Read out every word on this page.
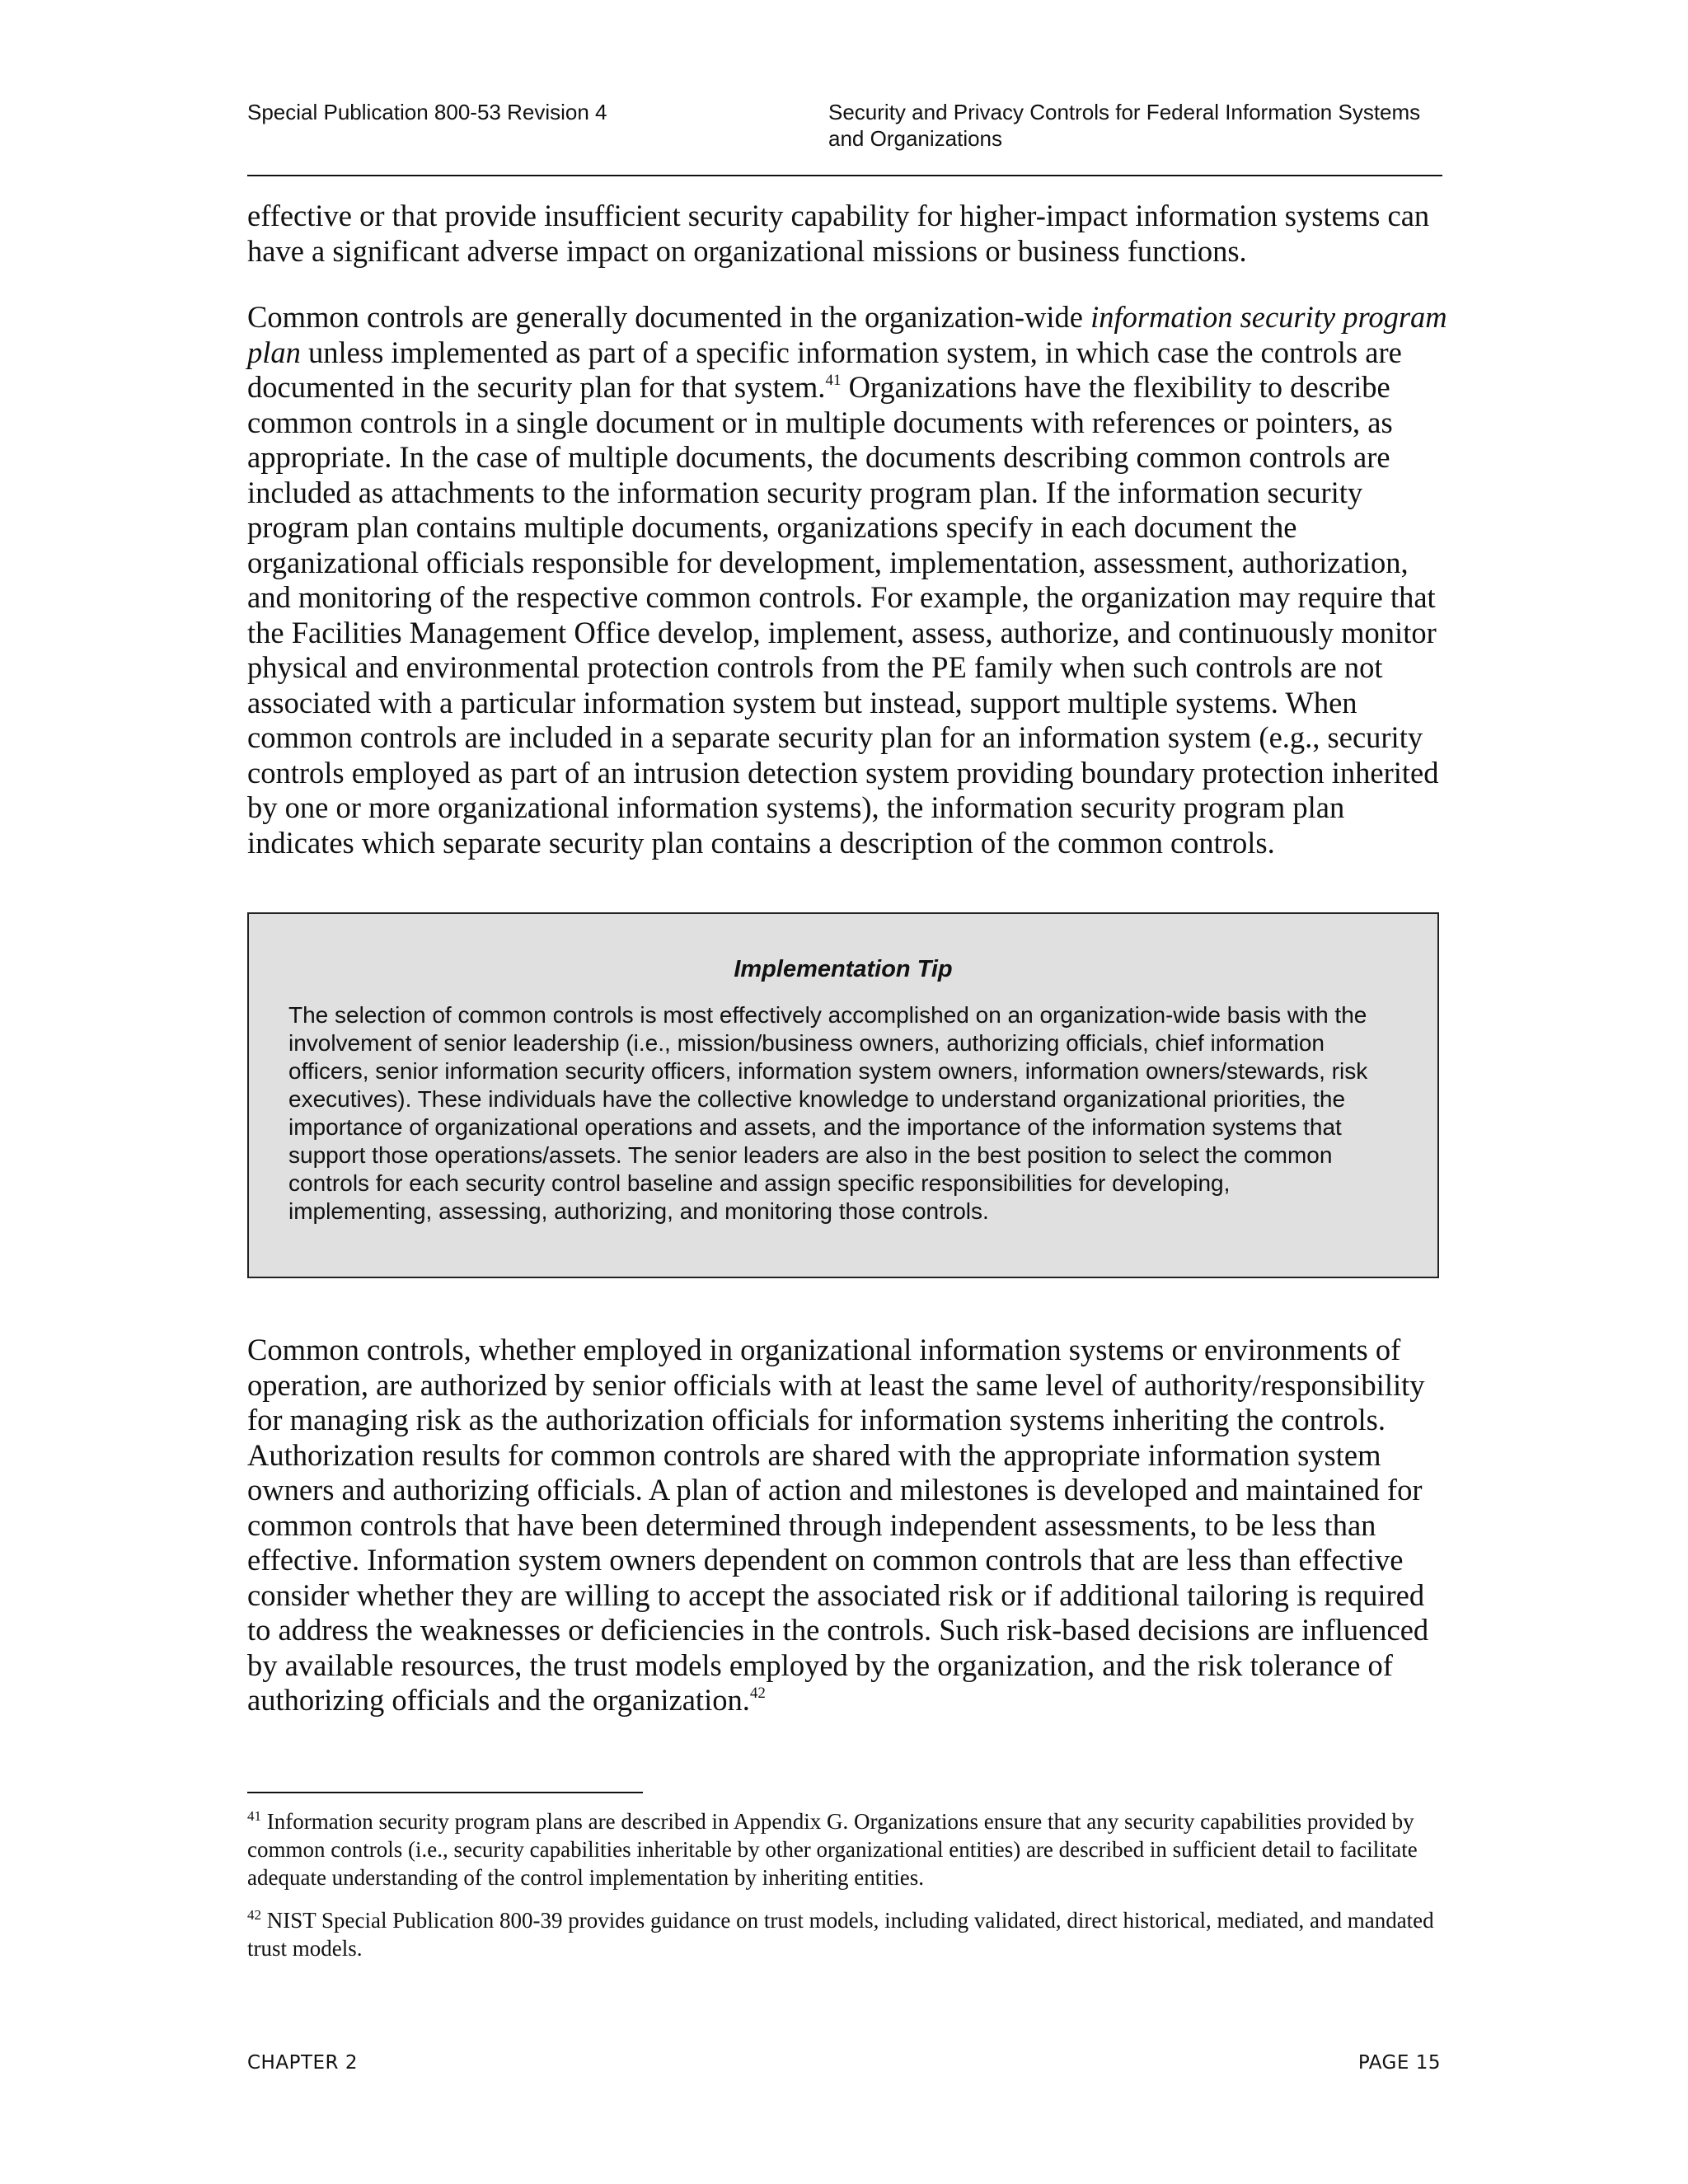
Special Publication 800-53 Revision 4	Security and Privacy Controls for Federal Information Systems and Organizations

effective or that provide insufficient security capability for higher-impact information systems can have a significant adverse impact on organizational missions or business functions.

Common controls are generally documented in the organization-wide information security program plan unless implemented as part of a specific information system, in which case the controls are documented in the security plan for that system.$^{41}$ Organizations have the flexibility to describe common controls in a single document or in multiple documents with references or pointers, as appropriate. In the case of multiple documents, the documents describing common controls are included as attachments to the information security program plan. If the information security program plan contains multiple documents, organizations specify in each document the organizational officials responsible for development, implementation, assessment, authorization, and monitoring of the respective common controls. For example, the organization may require that the Facilities Management Office develop, implement, assess, authorize, and continuously monitor physical and environmental protection controls from the PE family when such controls are not associated with a particular information system but instead, support multiple systems. When common controls are included in a separate security plan for an information system (e.g., security controls employed as part of an intrusion detection system providing boundary protection inherited by one or more organizational information systems), the information security program plan indicates which separate security plan contains a description of the common controls.

Implementation Tip

The selection of common controls is most effectively accomplished on an organization-wide basis with the involvement of senior leadership (i.e., mission/business owners, authorizing officials, chief information officers, senior information security officers, information system owners, information owners/stewards, risk executives). These individuals have the collective knowledge to understand organizational priorities, the importance of organizational operations and assets, and the importance of the information systems that support those operations/assets. The senior leaders are also in the best position to select the common controls for each security control baseline and assign specific responsibilities for developing, implementing, assessing, authorizing, and monitoring those controls.

Common controls, whether employed in organizational information systems or environments of operation, are authorized by senior officials with at least the same level of authority/responsibility for managing risk as the authorization officials for information systems inheriting the controls. Authorization results for common controls are shared with the appropriate information system owners and authorizing officials. A plan of action and milestones is developed and maintained for common controls that have been determined through independent assessments, to be less than effective. Information system owners dependent on common controls that are less than effective consider whether they are willing to accept the associated risk or if additional tailoring is required to address the weaknesses or deficiencies in the controls. Such risk-based decisions are influenced by available resources, the trust models employed by the organization, and the risk tolerance of authorizing officials and the organization.$^{42}$

$^{41}$ Information security program plans are described in Appendix G. Organizations ensure that any security capabilities provided by common controls (i.e., security capabilities inheritable by other organizational entities) are described in sufficient detail to facilitate adequate understanding of the control implementation by inheriting entities.

$^{42}$ NIST Special Publication 800-39 provides guidance on trust models, including validated, direct historical, mediated, and mandated trust models.

CHAPTER 2	PAGE 15
